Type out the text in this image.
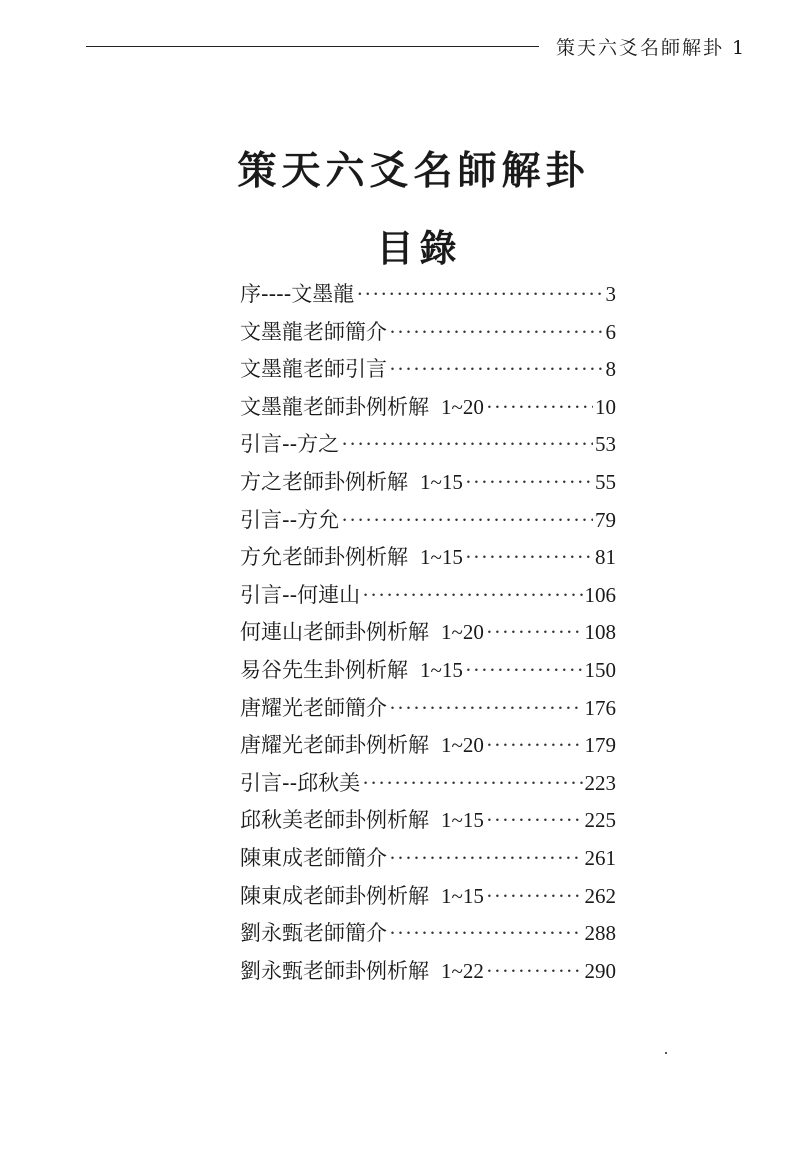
策天六爻名師解卦 1
策天六爻名師解卦
目錄
序----文墨龍 ·····	3
文墨龍老師簡介 ·····	6
文墨龍老師引言 ·····	8
文墨龍老師卦例析解 1~20 ·····	10
引言--方之 ·····	53
方之老師卦例析解 1~15 ·····	55
引言--方允 ·····	79
方允老師卦例析解 1~15 ·····	81
引言--何連山 ·····	106
何連山老師卦例析解 1~20 ·····	108
易谷先生卦例析解 1~15 ·····	150
唐耀光老師簡介 ·····	176
唐耀光老師卦例析解 1~20 ·····	179
引言--邱秋美 ·····	223
邱秋美老師卦例析解 1~15 ·····	225
陳東成老師簡介 ·····	261
陳東成老師卦例析解 1~15 ·····	262
劉永甄老師簡介 ·····	288
劉永甄老師卦例析解 1~22 ·····	290
